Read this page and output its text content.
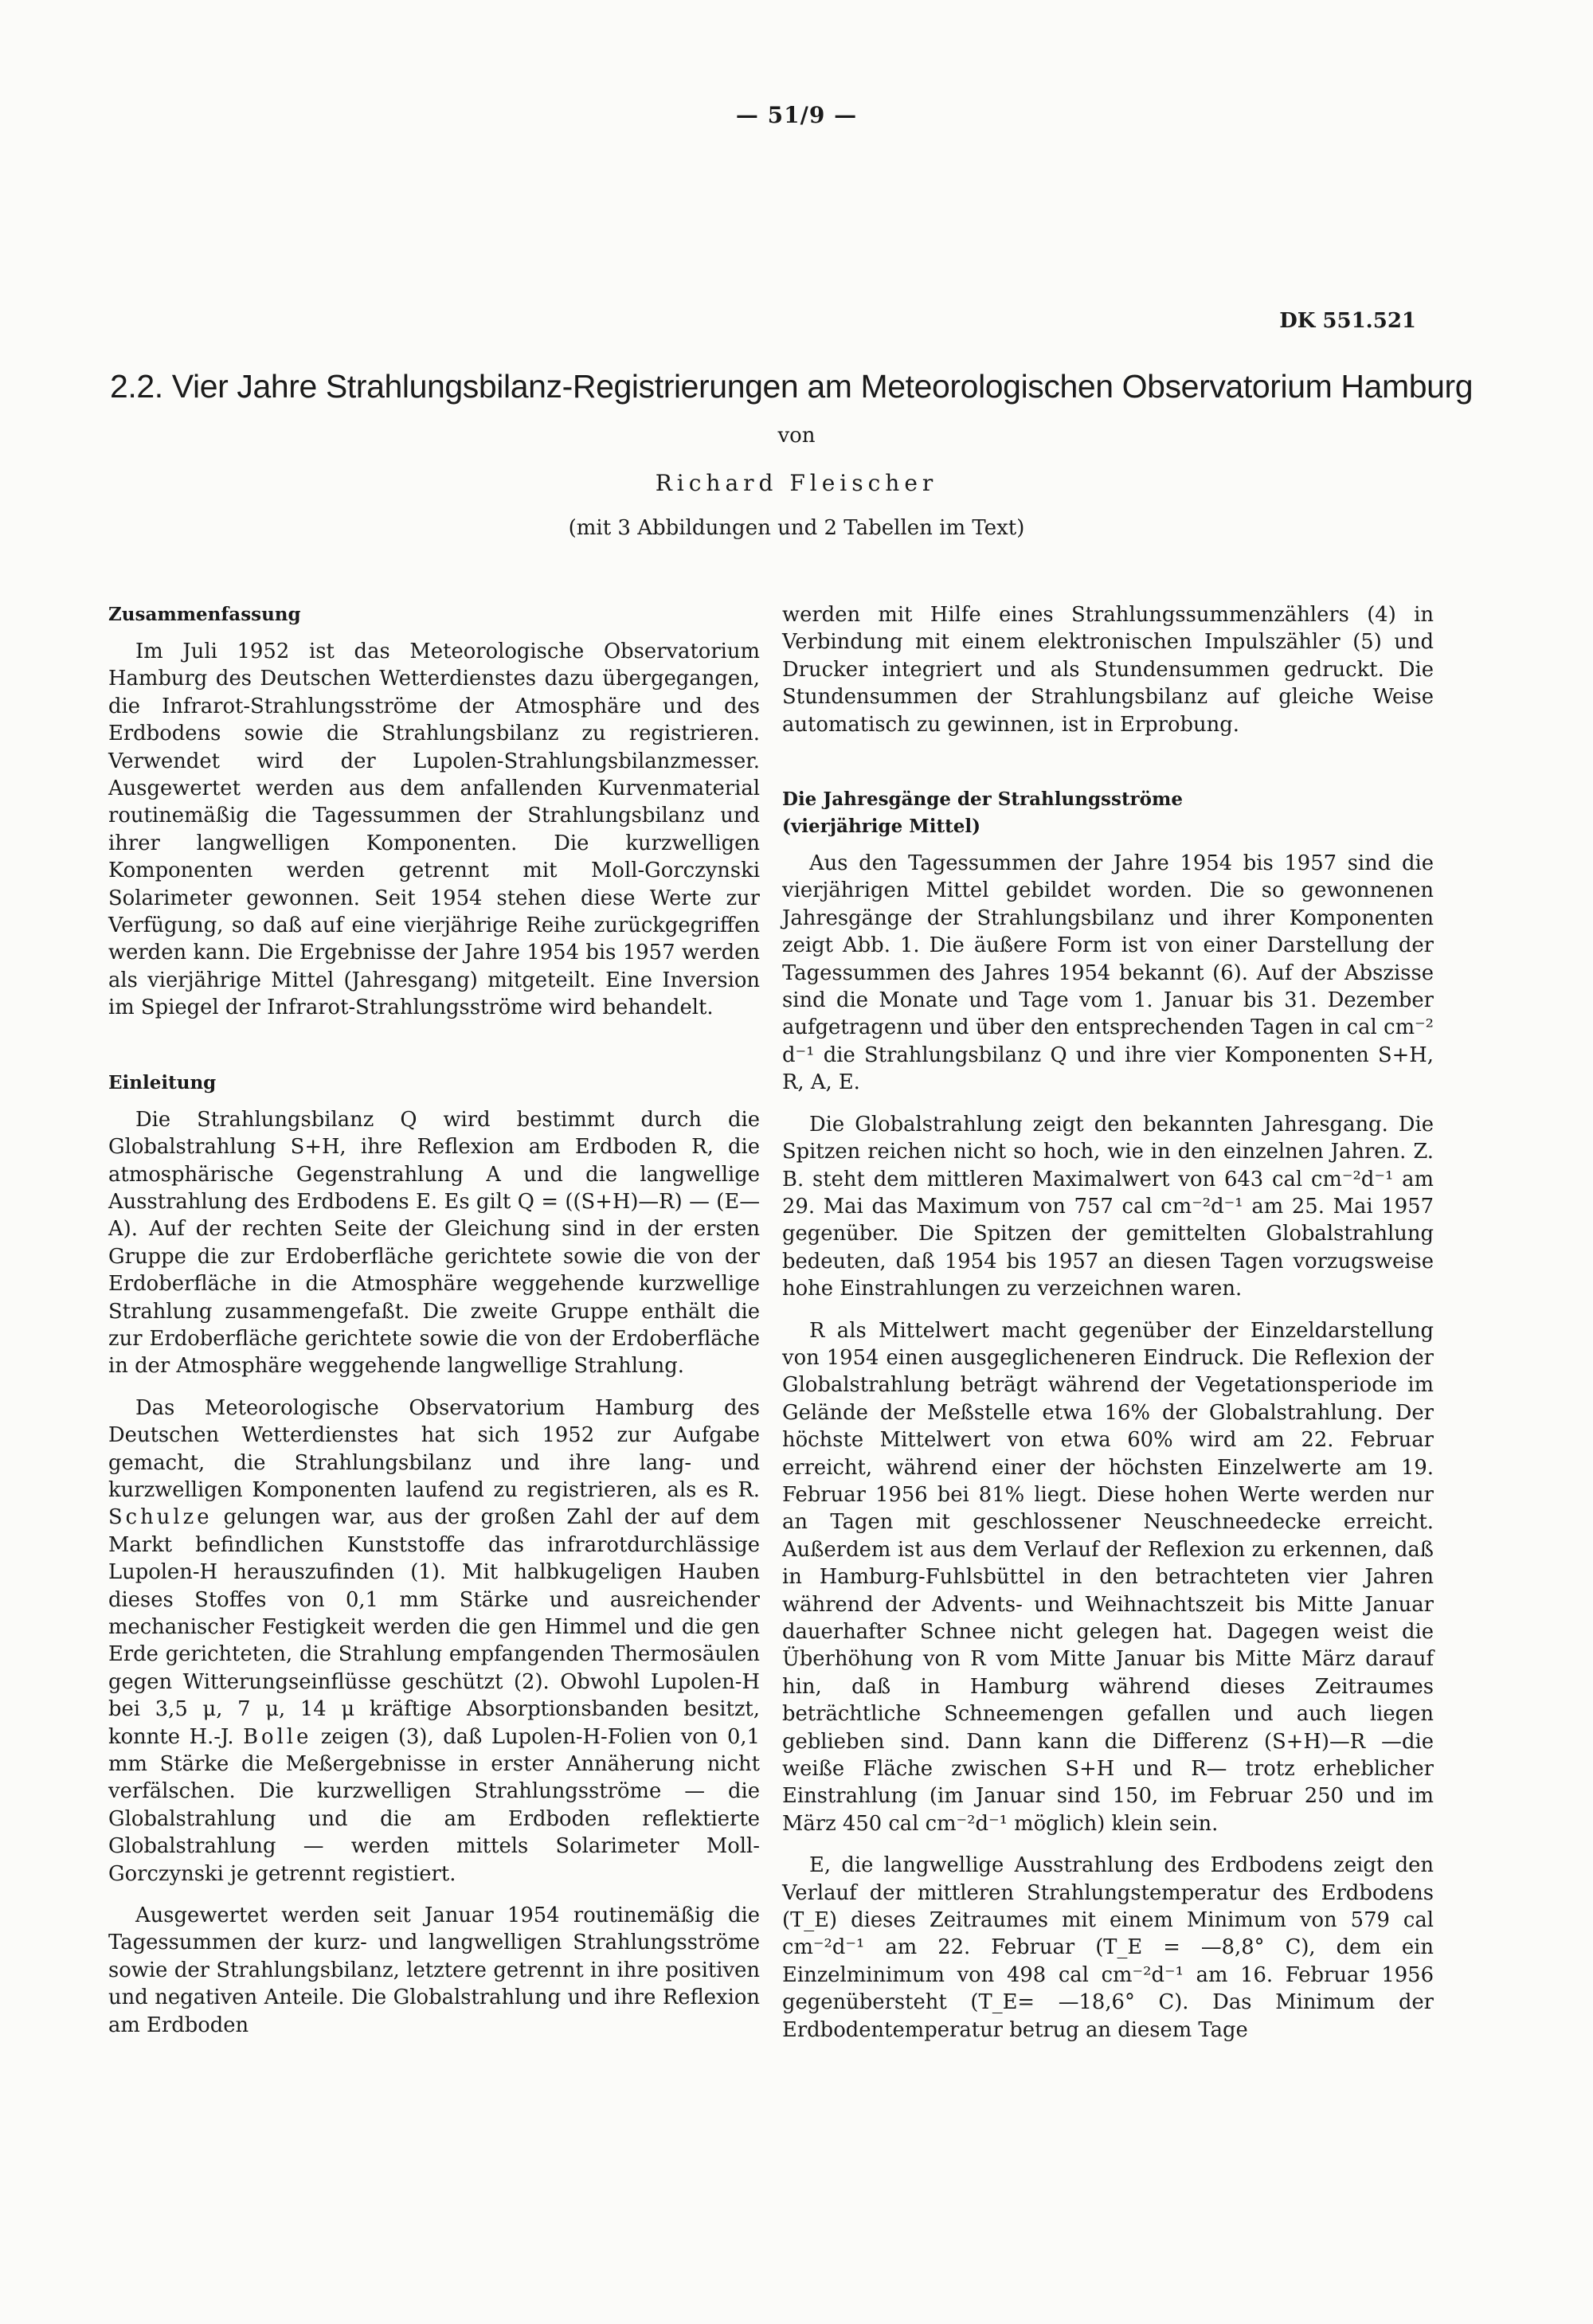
— 51/9 —
DK 551.521
2.2. Vier Jahre Strahlungsbilanz-Registrierungen am Meteorologischen Observatorium Hamburg
von
Richard Fleischer
(mit 3 Abbildungen und 2 Tabellen im Text)
Zusammenfassung

Im Juli 1952 ist das Meteorologische Observatorium Hamburg des Deutschen Wetterdienstes dazu übergegangen, die Infrarot-Strahlungsströme der Atmosphäre und des Erdbodens sowie die Strahlungsbilanz zu registrieren. Verwendet wird der Lupolen-Strahlungsbilanzmesser. Ausgewertet werden aus dem anfallenden Kurvenmaterial routinemäßig die Tagessummen der Strahlungsbilanz und ihrer langwelligen Komponenten. Die kurzwelligen Komponenten werden getrennt mit Moll-Gorczynski Solarimeter gewonnen. Seit 1954 stehen diese Werte zur Verfügung, so daß auf eine vierjährige Reihe zurückgegriffen werden kann. Die Ergebnisse der Jahre 1954 bis 1957 werden als vierjährige Mittel (Jahresgang) mitgeteilt. Eine Inversion im Spiegel der Infrarot-Strahlungsströme wird behandelt.

Einleitung

Die Strahlungsbilanz Q wird bestimmt durch die Globalstrahlung S+H, ihre Reflexion am Erdboden R, die atmosphärische Gegenstrahlung A und die langwellige Ausstrahlung des Erdbodens E. Es gilt Q = ((S+H)—R) — (E—A). Auf der rechten Seite der Gleichung sind in der ersten Gruppe die zur Erdoberfläche gerichtete sowie die von der Erdoberfläche in die Atmosphäre weggehende kurzwellige Strahlung zusammengefaßt. Die zweite Gruppe enthält die zur Erdoberfläche gerichtete sowie die von der Erdoberfläche in der Atmosphäre weggehende langwellige Strahlung.

Das Meteorologische Observatorium Hamburg des Deutschen Wetterdienstes hat sich 1952 zur Aufgabe gemacht, die Strahlungsbilanz und ihre lang- und kurzwelligen Komponenten laufend zu registrieren, als es R. Schulze gelungen war, aus der großen Zahl der auf dem Markt befindlichen Kunststoffe das infrarotdurchlässige Lupolen-H herauszufinden (1). Mit halbkugeligen Hauben dieses Stoffes von 0,1 mm Stärke und ausreichender mechanischer Festigkeit werden die gen Himmel und die gen Erde gerichteten, die Strahlung empfangenden Thermosäulen gegen Witterungseinflüsse geschützt (2). Obwohl Lupolen-H bei 3,5 μ, 7 μ, 14 μ kräftige Absorptionsbanden besitzt, konnte H.-J. Bolle zeigen (3), daß Lupolen-H-Folien von 0,1 mm Stärke die Meßergebnisse in erster Annäherung nicht verfälschen. Die kurzwelligen Strahlungsströme — die Globalstrahlung und die am Erdboden reflektierte Globalstrahlung — werden mittels Solarimeter Moll-Gorczynski je getrennt registiert.

Ausgewertet werden seit Januar 1954 routinemäßig die Tagessummen der kurz- und langwelligen Strahlungsströme sowie der Strahlungsbilanz, letztere getrennt in ihre positiven und negativen Anteile. Die Globalstrahlung und ihre Reflexion am Erdboden

werden mit Hilfe eines Strahlungssummenzählers (4) in Verbindung mit einem elektronischen Impulszähler (5) und Drucker integriert und als Stundensummen gedruckt. Die Stundensummen der Strahlungsbilanz auf gleiche Weise automatisch zu gewinnen, ist in Erprobung.

Die Jahresgänge der Strahlungsströme
(vierjährige Mittel)

Aus den Tagessummen der Jahre 1954 bis 1957 sind die vierjährigen Mittel gebildet worden. Die so gewonnenen Jahresgänge der Strahlungsbilanz und ihrer Komponenten zeigt Abb. 1. Die äußere Form ist von einer Darstellung der Tagessummen des Jahres 1954 bekannt (6). Auf der Abszisse sind die Monate und Tage vom 1. Januar bis 31. Dezember aufgetragenn und über den entsprechenden Tagen in cal cm⁻² d⁻¹ die Strahlungsbilanz Q und ihre vier Komponenten S+H, R, A, E.

Die Globalstrahlung zeigt den bekannten Jahresgang. Die Spitzen reichen nicht so hoch, wie in den einzelnen Jahren. Z. B. steht dem mittleren Maximalwert von 643 cal cm⁻²d⁻¹ am 29. Mai das Maximum von 757 cal cm⁻²d⁻¹ am 25. Mai 1957 gegenüber. Die Spitzen der gemittelten Globalstrahlung bedeuten, daß 1954 bis 1957 an diesen Tagen vorzugsweise hohe Einstrahlungen zu verzeichnen waren.

R als Mittelwert macht gegenüber der Einzeldarstellung von 1954 einen ausgeglicheneren Eindruck. Die Reflexion der Globalstrahlung beträgt während der Vegetationsperiode im Gelände der Meßstelle etwa 16% der Globalstrahlung. Der höchste Mittelwert von etwa 60% wird am 22. Februar erreicht, während einer der höchsten Einzelwerte am 19. Februar 1956 bei 81% liegt. Diese hohen Werte werden nur an Tagen mit geschlossener Neuschneedecke erreicht. Außerdem ist aus dem Verlauf der Reflexion zu erkennen, daß in Hamburg-Fuhlsbüttel in den betrachteten vier Jahren während der Advents- und Weihnachtszeit bis Mitte Januar dauerhafter Schnee nicht gelegen hat. Dagegen weist die Überhöhung von R vom Mitte Januar bis Mitte März darauf hin, daß in Hamburg während dieses Zeitraumes beträchtliche Schneemengen gefallen und auch liegen geblieben sind. Dann kann die Differenz (S+H)—R —die weiße Fläche zwischen S+H und R— trotz erheblicher Einstrahlung (im Januar sind 150, im Februar 250 und im März 450 cal cm⁻²d⁻¹ möglich) klein sein.

E, die langwellige Ausstrahlung des Erdbodens zeigt den Verlauf der mittleren Strahlungstemperatur des Erdbodens (T_E) dieses Zeitraumes mit einem Minimum von 579 cal cm⁻²d⁻¹ am 22. Februar (T_E = —8,8° C), dem ein Einzelminimum von 498 cal cm⁻²d⁻¹ am 16. Februar 1956 gegenübersteht (T_E= —18,6° C). Das Minimum der Erdbodentemperatur betrug an diesem Tage
